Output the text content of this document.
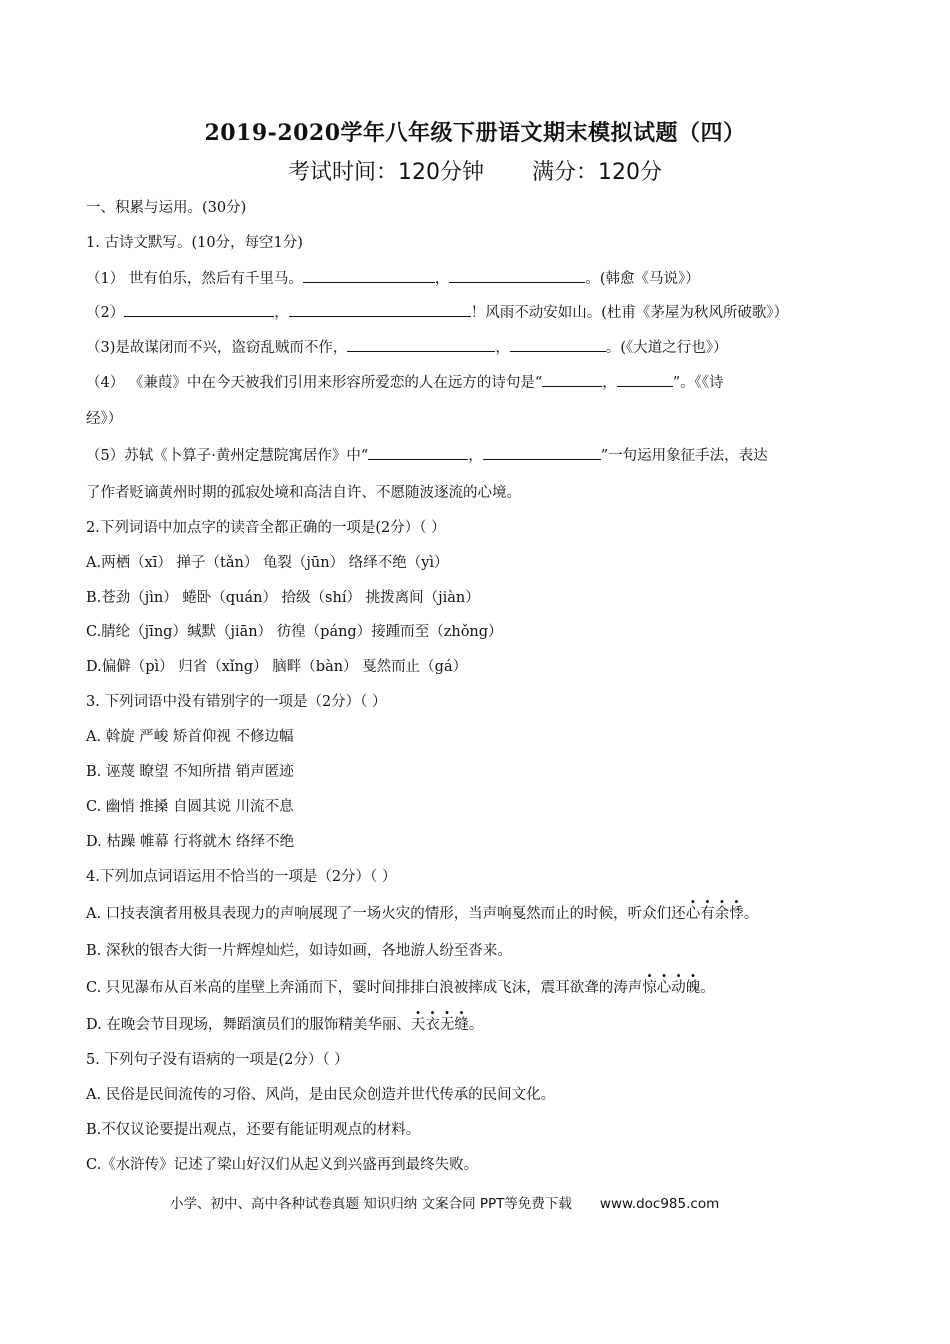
2019-2020学年八年级下册语文期末模拟试题（四）
考试时间：120分钟 满分：120分
一、积累与运用。(30分)
1. 古诗文默写。(10分，每空1分)
（1） 世有伯乐，然后有千里马。	，	。(韩愈《马说》）
（2）	，	！风雨不动安如山。(杜甫《茅屋为秋风所破歌》）
（3)是故谋闭而不兴，盗窃乱贼而不作，	，	。(《大道之行也》）
（4） 《兼葭》中在今天被我们引用来形容所爱恋的人在远方的诗句是“	，	”。《《诗
经》）
（5）苏轼《卜算子·黄州定慧院寓居作》中“	，	”一句运用象征手法，表达
了作者贬谪黄州时期的孤寂处境和高洁自许、不愿随波逐流的心境。
2.下列词语中加点字的读音全都正确的一项是(2分）（ ）
A.两栖（xī） 掸子（tǎn） 龟裂（jūn） 络绎不绝（yì）
B.苍劲（jìn） 蜷卧（quán） 拾级（shí） 挑拨离间（jiàn）
C.腈纶（jīng）缄默（jiān） 彷徨（páng）接踵而至（zhǒng）
D.偏僻（pì） 归省（xǐng） 脑畔（bàn） 戛然而止（gá）
3. 下列词语中没有错别字的一项是（2分）（ ）
A. 斡旋 严峻 矫首仰视 不修边幅
B. 诬蔑 瞭望 不知所措 销声匿迹
C. 幽悄 推搡 自圆其说 川流不息
D. 枯躁 帷幕 行将就木 络绎不绝
4.下列加点词语运用不恰当的一项是（2分）（ ）
A. 口技表演者用极具表现力的声响展现了一场火灾的情形，当声响戛然而止的时候，听众们还心有余悸。
B. 深秋的银杏大街一片辉煌灿烂，如诗如画，各地游人纷至沓来。
C. 只见瀑布从百米高的崖壁上奔涌而下，霎时间排排白浪被摔成飞沫，震耳欲聋的涛声惊心动魄。
D. 在晚会节目现场，舞蹈演员们的服饰精美华丽、天衣无缝。
5. 下列句子没有语病的一项是(2分）（ ）
A. 民俗是民间流传的习俗、风尚，是由民众创造并世代传承的民间文化。
B.不仅议论要提出观点，还要有能证明观点的材料。
C.《水浒传》记述了梁山好汉们从起义到兴盛再到最终失败。
小学、初中、高中各种试卷真题 知识归纳 文案合同 PPT等免费下载 www.doc985.com
